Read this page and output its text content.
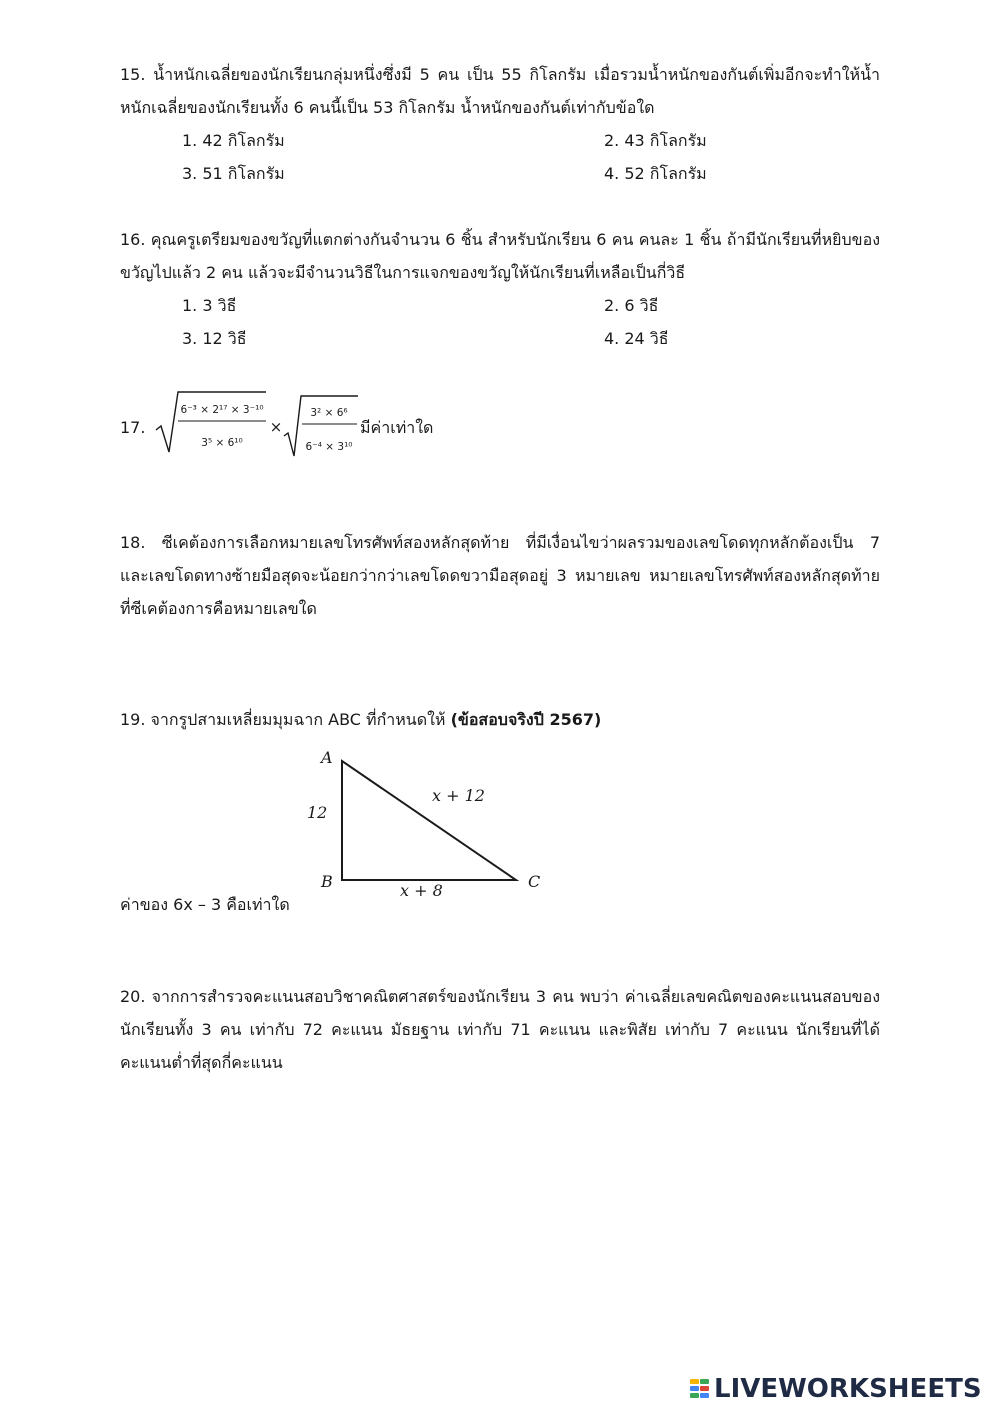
15. น้ำหนักเฉลี่ยของนักเรียนกลุ่มหนึ่งซึ่งมี 5 คน เป็น 55 กิโลกรัม เมื่อรวมน้ำหนักของกันต์เพิ่มอีกจะทำให้น้ำหนักเฉลี่ยของนักเรียนทั้ง 6 คนนี้เป็น 53 กิโลกรัม น้ำหนักของกันต์เท่ากับข้อใด

1. 42 กิโลกรัม	2. 43 กิโลกรัม
3. 51 กิโลกรัม	4. 52 กิโลกรัม

16. คุณครูเตรียมของขวัญที่แตกต่างกันจำนวน 6 ชิ้น สำหรับนักเรียน 6 คน คนละ 1 ชิ้น ถ้ามีนักเรียนที่หยิบของขวัญไปแล้ว 2 คน แล้วจะมีจำนวนวิธีในการแจกของขวัญให้นักเรียนที่เหลือเป็นกี่วิธี

1. 3 วิธี	2. 6 วิธี
3. 12 วิธี	4. 24 วิธี
17.
6⁻³ × 2¹⁷ × 3⁻¹⁰
3⁵ × 6¹⁰
×
3² × 6⁶
6⁻⁴ × 3¹⁰
มีค่าเท่าใด

18. ซีเคต้องการเลือกหมายเลขโทรศัพท์สองหลักสุดท้าย ที่มีเงื่อนไขว่าผลรวมของเลขโดดทุกหลักต้องเป็น 7 และเลขโดดทางซ้ายมือสุดจะน้อยกว่ากว่าเลขโดดขวามือสุดอยู่ 3 หมายเลข หมายเลขโทรศัพท์สองหลักสุดท้ายที่ซีเคต้องการคือหมายเลขใด

19. จากรูปสามเหลี่ยมมุมฉาก ABC ที่กำหนดให้ (ข้อสอบจริงปี 2567)

A
B	C
12
x + 12
x + 8
ค่าของ 6x – 3 คือเท่าใด

20. จากการสำรวจคะแนนสอบวิชาคณิตศาสตร์ของนักเรียน 3 คน พบว่า ค่าเฉลี่ยเลขคณิตของคะแนนสอบของนักเรียนทั้ง 3 คน เท่ากับ 72 คะแนน มัธยฐาน เท่ากับ 71 คะแนน และพิสัย เท่ากับ 7 คะแนน นักเรียนที่ได้คะแนนต่ำที่สุดกี่คะแนน

LIVEWORKSHEETS
